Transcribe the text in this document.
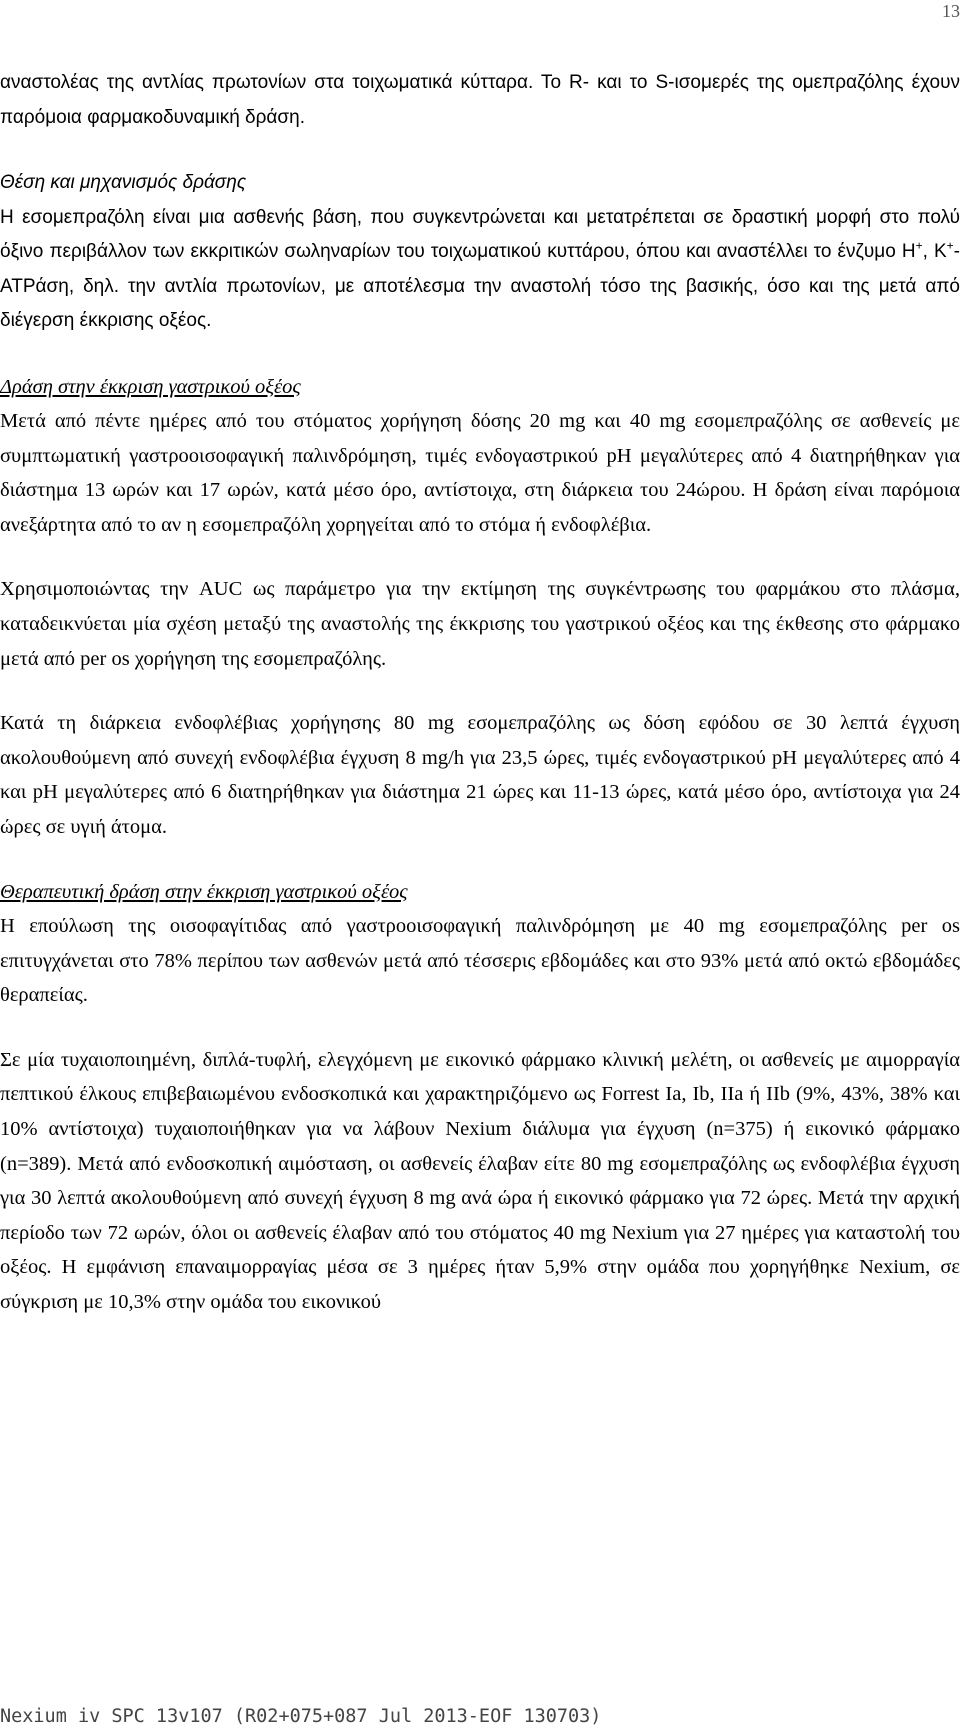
13

αναστολέας της αντλίας πρωτονίων στα τοιχωματικά κύτταρα. Το R- και το S-ισομερές της ομεπραζόλης έχουν παρόμοια φαρμακοδυναμική δράση.

Θέση και μηχανισμός δράσης

Η εσομεπραζόλη είναι μια ασθενής βάση, που συγκεντρώνεται και μετατρέπεται σε δραστική μορφή στο πολύ όξινο περιβάλλον των εκκριτικών σωληναρίων του τοιχωματικού κυττάρου, όπου και αναστέλλει το ένζυμο Η+, Κ+-ΑΤΡάση, δηλ. την αντλία πρωτονίων, με αποτέλεσμα την αναστολή τόσο της βασικής, όσο και της μετά από διέγερση έκκρισης οξέος.

Δράση στην έκκριση γαστρικού οξέος

Μετά από πέντε ημέρες από του στόματος χορήγηση δόσης 20 mg και 40 mg εσομεπραζόλης σε ασθενείς με συμπτωματική γαστροοισοφαγική παλινδρόμηση, τιμές ενδογαστρικού pH μεγαλύτερες από 4 διατηρήθηκαν για διάστημα 13 ωρών και 17 ωρών, κατά μέσο όρο, αντίστοιχα, στη διάρκεια του 24ώρου. Η δράση είναι παρόμοια ανεξάρτητα από το αν η εσομεπραζόλη χορηγείται από το στόμα ή ενδοφλέβια.

Χρησιμοποιώντας την AUC ως παράμετρο για την εκτίμηση της συγκέντρωσης του φαρμάκου στο πλάσμα, καταδεικνύεται μία σχέση μεταξύ της αναστολής της έκκρισης του γαστρικού οξέος και της έκθεσης στο φάρμακο μετά από per os χορήγηση της εσομεπραζόλης.

Κατά τη διάρκεια ενδοφλέβιας χορήγησης 80 mg εσομεπραζόλης ως δόση εφόδου σε 30 λεπτά έγχυση ακολουθούμενη από συνεχή ενδοφλέβια έγχυση 8 mg/h για 23,5 ώρες, τιμές ενδογαστρικού pH μεγαλύτερες από 4 και pH μεγαλύτερες από 6 διατηρήθηκαν για διάστημα 21 ώρες και 11-13 ώρες, κατά μέσο όρο, αντίστοιχα για 24 ώρες σε υγιή άτομα.

Θεραπευτική δράση στην έκκριση γαστρικού οξέος

Η επούλωση της οισοφαγίτιδας από γαστροοισοφαγική παλινδρόμηση με 40 mg εσομεπραζόλης per os επιτυγχάνεται στο 78% περίπου των ασθενών μετά από τέσσερις εβδομάδες και στο 93% μετά από οκτώ εβδομάδες θεραπείας.

Σε μία τυχαιοποιημένη, διπλά-τυφλή, ελεγχόμενη με εικονικό φάρμακο κλινική μελέτη, οι ασθενείς με αιμορραγία πεπτικού έλκους επιβεβαιωμένου ενδοσκοπικά και χαρακτηριζόμενο ως Forrest Ia, Ib, IIa ή IIb (9%, 43%, 38% και 10% αντίστοιχα) τυχαιοποιήθηκαν για να λάβουν Nexium διάλυμα για έγχυση (n=375) ή εικονικό φάρμακο (n=389). Μετά από ενδοσκοπική αιμόσταση, οι ασθενείς έλαβαν είτε 80 mg εσομεπραζόλης ως ενδοφλέβια έγχυση για 30 λεπτά ακολουθούμενη από συνεχή έγχυση 8 mg ανά ώρα ή εικονικό φάρμακο για 72 ώρες. Μετά την αρχική περίοδο των 72 ωρών, όλοι οι ασθενείς έλαβαν από του στόματος 40 mg Nexium για 27 ημέρες για καταστολή του οξέος. Η εμφάνιση επαναιμορραγίας μέσα σε 3 ημέρες ήταν 5,9% στην ομάδα που χορηγήθηκε Nexium, σε σύγκριση με 10,3% στην ομάδα του εικονικού

Nexium iv SPC 13v107 (R02+075+087 Jul 2013-EOF 130703)
